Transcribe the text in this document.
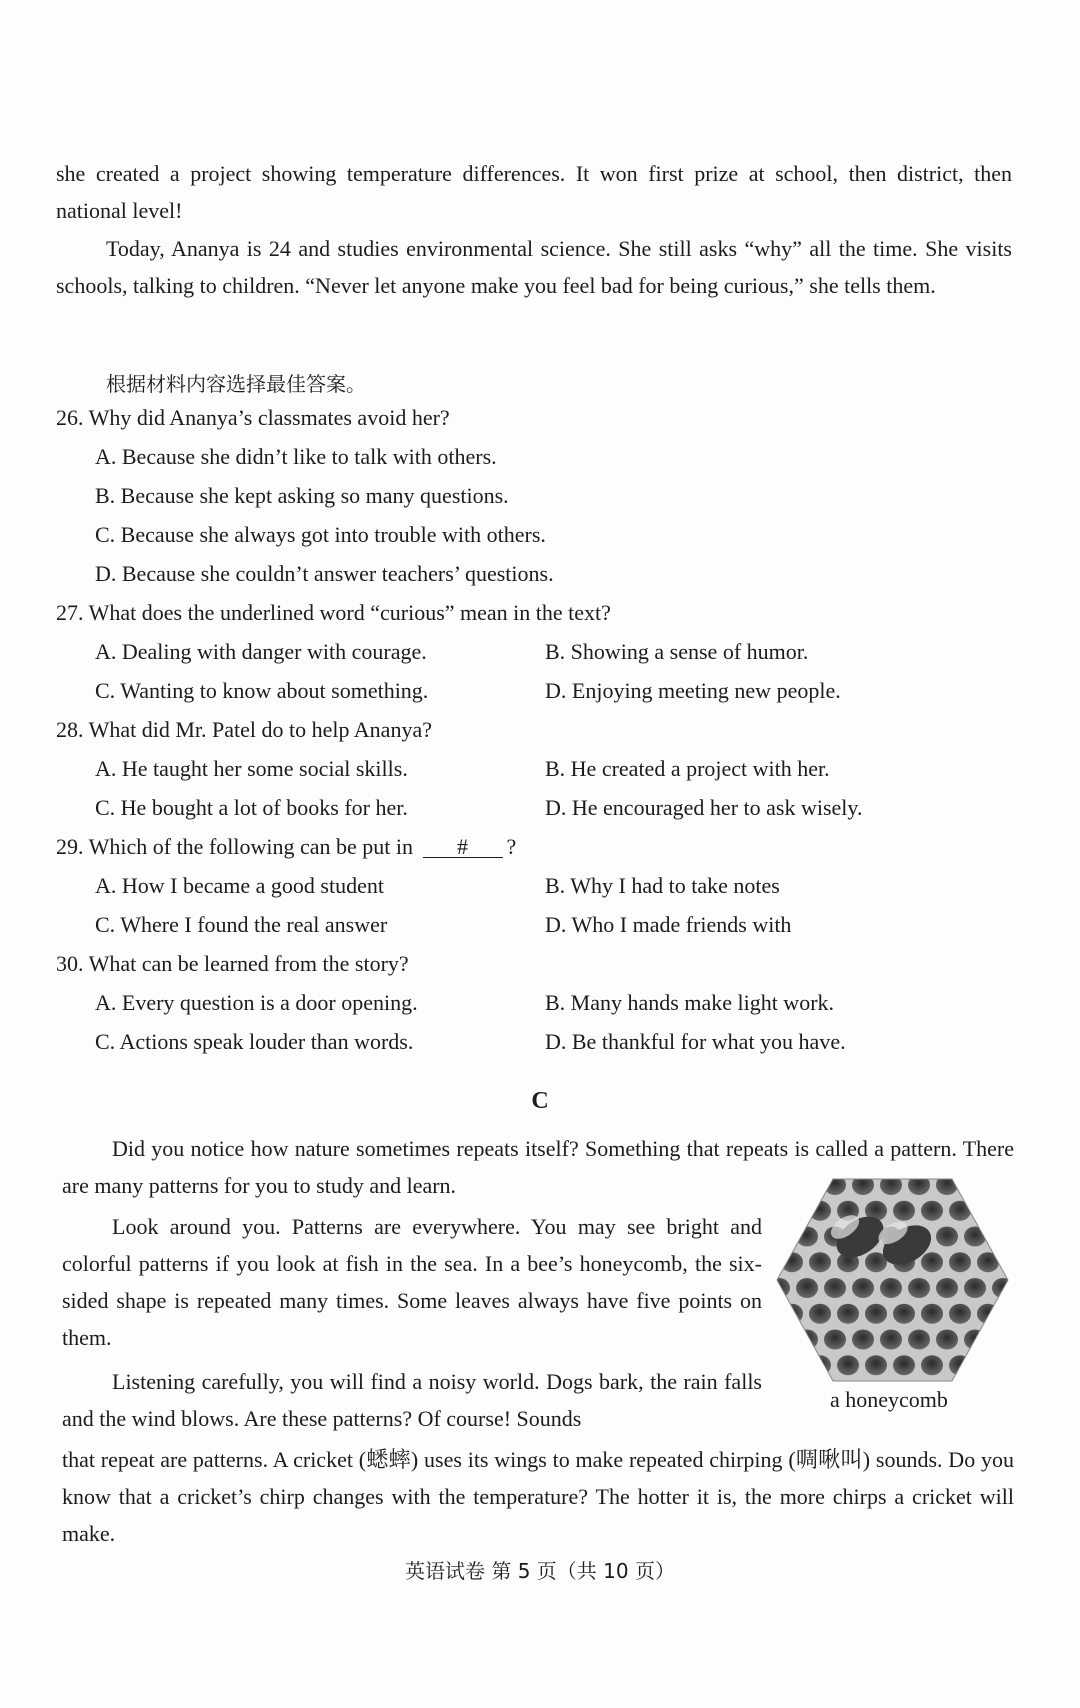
she created a project showing temperature differences. It won first prize at school, then district, then national level!
Today, Ananya is 24 and studies environmental science. She still asks “why” all the time. She visits schools, talking to children. “Never let anyone make you feel bad for being curious,” she tells them.
根据材料内容选择最佳答案。
26. Why did Ananya’s classmates avoid her?
A. Because she didn’t like to talk with others.
B. Because she kept asking so many questions.
C. Because she always got into trouble with others.
D. Because she couldn’t answer teachers’ questions.
27. What does the underlined word “curious” mean in the text?
A. Dealing with danger with courage.	B. Showing a sense of humor.
C. Wanting to know about something.	D. Enjoying meeting new people.
28. What did Mr. Patel do to help Ananya?
A. He taught her some social skills.	B. He created a project with her.
C. He bought a lot of books for her.	D. He encouraged her to ask wisely.
29. Which of the following can be put in # ?
A. How I became a good student	B. Why I had to take notes
C. Where I found the real answer	D. Who I made friends with
30. What can be learned from the story?
A. Every question is a door opening.	B. Many hands make light work.
C. Actions speak louder than words.	D. Be thankful for what you have.
C
Did you notice how nature sometimes repeats itself? Something that repeats is called a pattern. There are many patterns for you to study and learn.
Look around you. Patterns are everywhere. You may see bright and colorful patterns if you look at fish in the sea. In a bee’s honeycomb, the six-sided shape is repeated many times. Some leaves always have five points on them.
Listening carefully, you will find a noisy world. Dogs bark, the rain falls and the wind blows. Are these patterns? Of course! Sounds
that repeat are patterns. A cricket (蟋蟀) uses its wings to make repeated chirping (啁啾叫) sounds. Do you know that a cricket’s chirp changes with the temperature? The hotter it is, the more chirps a cricket will make.
a honeycomb
英语试卷 第 5 页（共 10 页）
